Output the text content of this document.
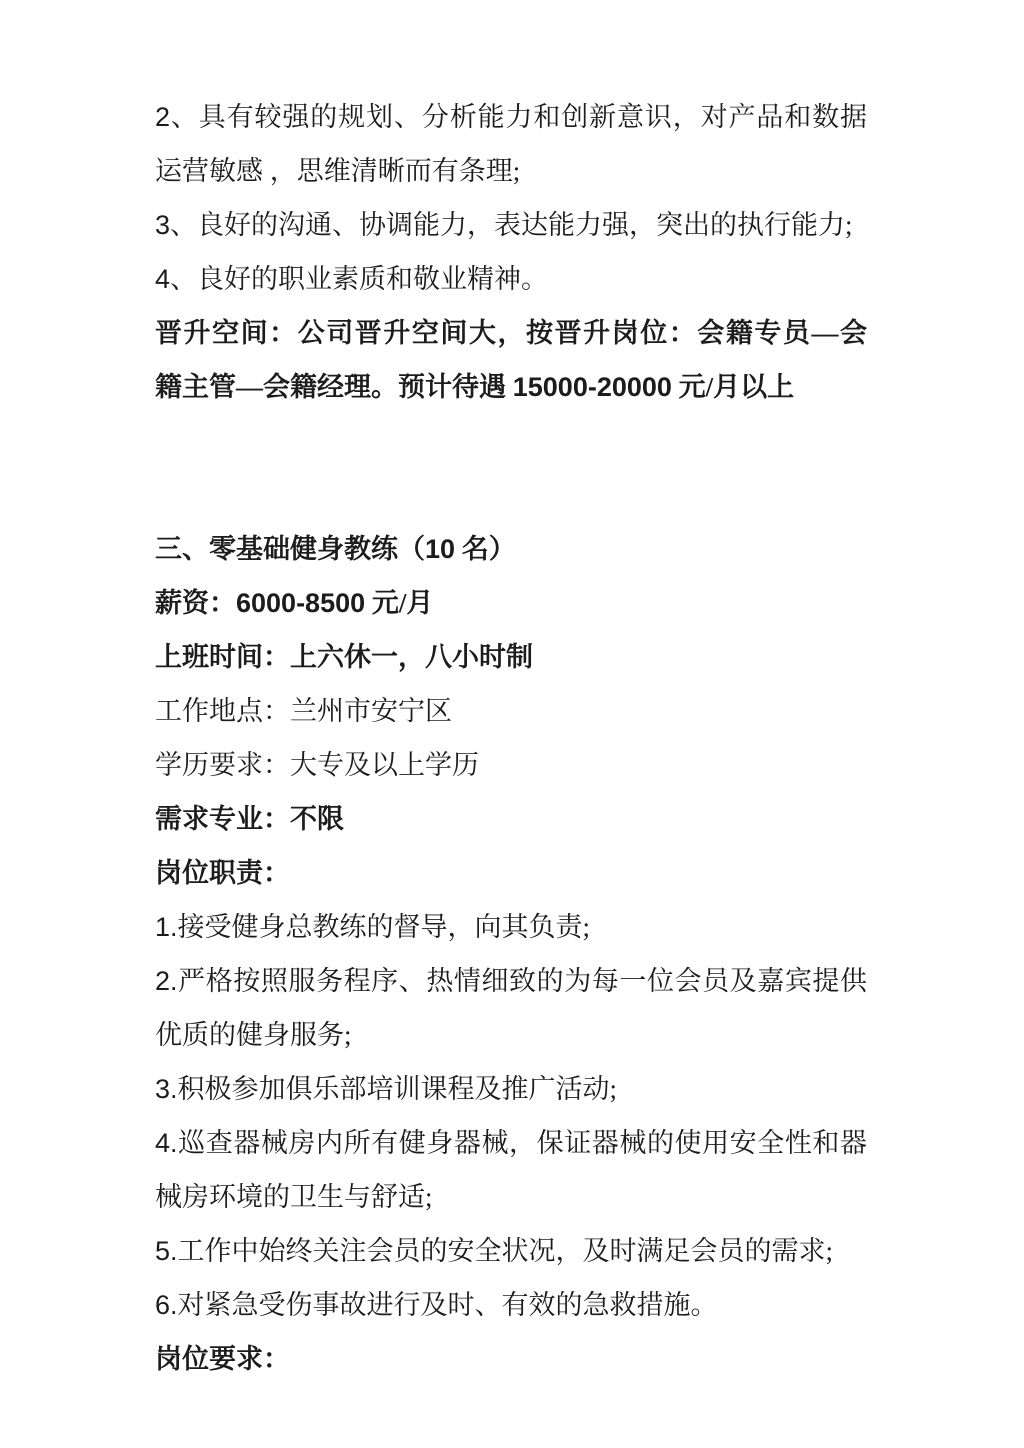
2、具有较强的规划、分析能力和创新意识，对产品和数据
运营敏感 ，思维清晰而有条理;
3、良好的沟通、协调能力，表达能力强，突出的执行能力;
4、良好的职业素质和敬业精神。
晋升空间：公司晋升空间大，按晋升岗位：会籍专员—会
籍主管—会籍经理。预计待遇 15000-20000 元/月以上
三、零基础健身教练（10 名）
薪资：6000-8500 元/月
上班时间：上六休一，八小时制
工作地点：兰州市安宁区
学历要求：大专及以上学历
需求专业：不限
岗位职责：
1.接受健身总教练的督导，向其负责;
2.严格按照服务程序、热情细致的为每一位会员及嘉宾提供
优质的健身服务;
3.积极参加俱乐部培训课程及推广活动;
4.巡查器械房内所有健身器械，保证器械的使用安全性和器
械房环境的卫生与舒适;
5.工作中始终关注会员的安全状况，及时满足会员的需求;
6.对紧急受伤事故进行及时、有效的急救措施。
岗位要求：
